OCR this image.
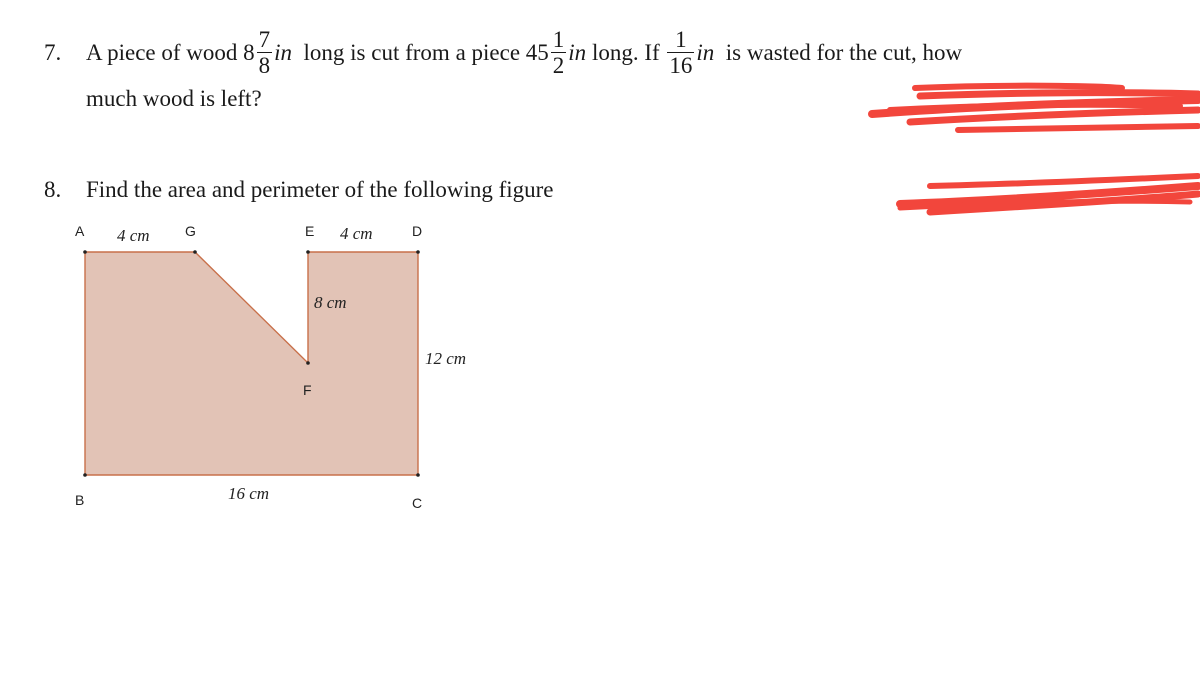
7. A piece of wood $8 \frac{7}{8}$ in long is cut from a piece $45 \frac{1}{2}$ in long. If $\frac{1}{16}$ in is wasted for the cut, how
much wood is left?
8. Find the area and perimeter of the following figure
A	G	E	D
F
B	C
4 cm	4 cm
8 cm
12 cm
16 cm
